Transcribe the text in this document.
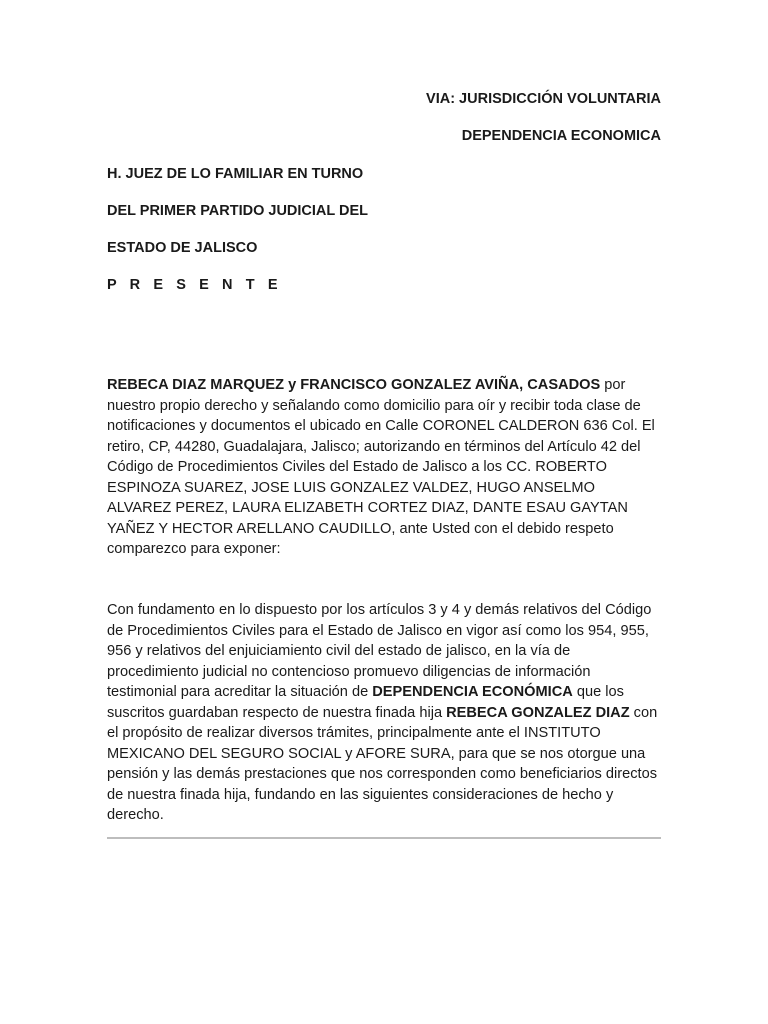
VIA: JURISDICCIÓN VOLUNTARIA
DEPENDENCIA ECONOMICA
H. JUEZ DE LO FAMILIAR EN TURNO
DEL PRIMER PARTIDO JUDICIAL DEL
ESTADO DE JALISCO
P R E S E N T E
REBECA DIAZ MARQUEZ y FRANCISCO GONZALEZ AVIÑA, CASADOS por nuestro propio derecho y señalando como domicilio para oír y recibir toda clase de notificaciones y documentos el ubicado en Calle CORONEL CALDERON 636 Col. El retiro, CP, 44280, Guadalajara, Jalisco; autorizando en términos del Artículo 42 del Código de Procedimientos Civiles del Estado de Jalisco a los CC. ROBERTO ESPINOZA SUAREZ, JOSE LUIS GONZALEZ VALDEZ, HUGO ANSELMO ALVAREZ PEREZ, LAURA ELIZABETH CORTEZ DIAZ, DANTE ESAU GAYTAN YAÑEZ Y HECTOR ARELLANO CAUDILLO, ante Usted con el debido respeto comparezco para exponer:
Con fundamento en lo dispuesto por los artículos 3 y 4 y demás relativos del Código de Procedimientos Civiles para el Estado de Jalisco en vigor así como los 954, 955, 956 y relativos del enjuiciamiento civil del estado de jalisco, en la vía de procedimiento judicial no contencioso promuevo diligencias de información testimonial para acreditar la situación de DEPENDENCIA ECONÓMICA que los suscritos guardaban respecto de nuestra finada hija REBECA GONZALEZ DIAZ con el propósito de realizar diversos trámites, principalmente ante el INSTITUTO MEXICANO DEL SEGURO SOCIAL y AFORE SURA, para que se nos otorgue una pensión y las demás prestaciones que nos corresponden como beneficiarios directos de nuestra finada hija, fundando en las siguientes consideraciones de hecho y derecho.
